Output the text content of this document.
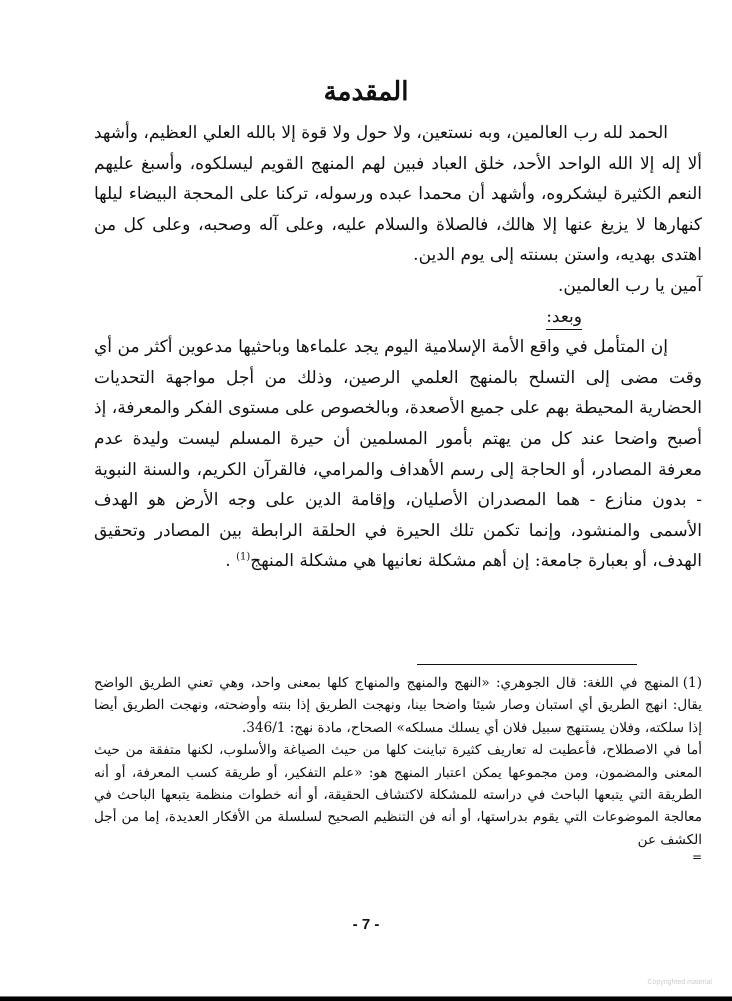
المقدمة

الحمد لله رب العالمين، وبه نستعين، ولا حول ولا قوة إلا بالله العلي العظيم، وأشهد ألا إله إلا الله الواحد الأحد، خلق العباد فبين لهم المنهج القويم ليسلكوه، وأسبغ عليهم النعم الكثيرة ليشكروه، وأشهد أن محمدا عبده ورسوله، تركنا على المحجة البيضاء ليلها كنهارها لا يزيغ عنها إلا هالك، فالصلاة والسلام عليه، وعلى آله وصحبه، وعلى كل من اهتدى بهديه، واستن بسنته إلى يوم الدين.

آمين يا رب العالمين.

وبعد:

إن المتأمل في واقع الأمة الإسلامية اليوم يجد علماءها وباحثيها مدعوين أكثر من أي وقت مضى إلى التسلح بالمنهج العلمي الرصين، وذلك من أجل مواجهة التحديات الحضارية المحيطة بهم على جميع الأصعدة، وبالخصوص على مستوى الفكر والمعرفة، إذ أصبح واضحا عند كل من يهتم بأمور المسلمين أن حيرة المسلم ليست وليدة عدم معرفة المصادر، أو الحاجة إلى رسم الأهداف والمرامي، فالقرآن الكريم، والسنة النبوية - بدون منازع - هما المصدران الأصليان، وإقامة الدين على وجه الأرض هو الهدف الأسمى والمنشود، وإنما تكمن تلك الحيرة في الحلقة الرابطة بين المصادر وتحقيق الهدف، أو بعبارة جامعة: إن أهم مشكلة نعانيها هي مشكلة المنهج$^{(1)}$ .

(1)المنهج في اللغة: قال الجوهري: «النهج والمنهج والمنهاج كلها بمعنى واحد، وهي تعني الطريق الواضح يقال: انهج الطريق أي استبان وصار شيئا واضحا بينا، ونهجت الطريق إذا بنته وأوضحته، ونهجت الطريق أيضا إذا سلكته، وفلان يستنهج سبيل فلان أي يسلك مسلكه» الصحاح، مادة نهج: 346/1.

أما في الاصطلاح، فأعطيت له تعاريف كثيرة تباينت كلها من حيث الصياغة والأسلوب، لكنها متفقة من حيث المعنى والمضمون، ومن مجموعها يمكن اعتبار المنهج هو: «علم التفكير، أو طريقة كسب المعرفة، أو أنه الطريقة التي يتبعها الباحث في دراسته للمشكلة لاكتشاف الحقيقة، أو أنه خطوات منظمة يتبعها الباحث في معالجة الموضوعات التي يقوم بدراستها، أو أنه فن التنظيم الصحيح لسلسلة من الأفكار العديدة، إما من أجل الكشف عن

=

- 7 -
Copyrighted material
